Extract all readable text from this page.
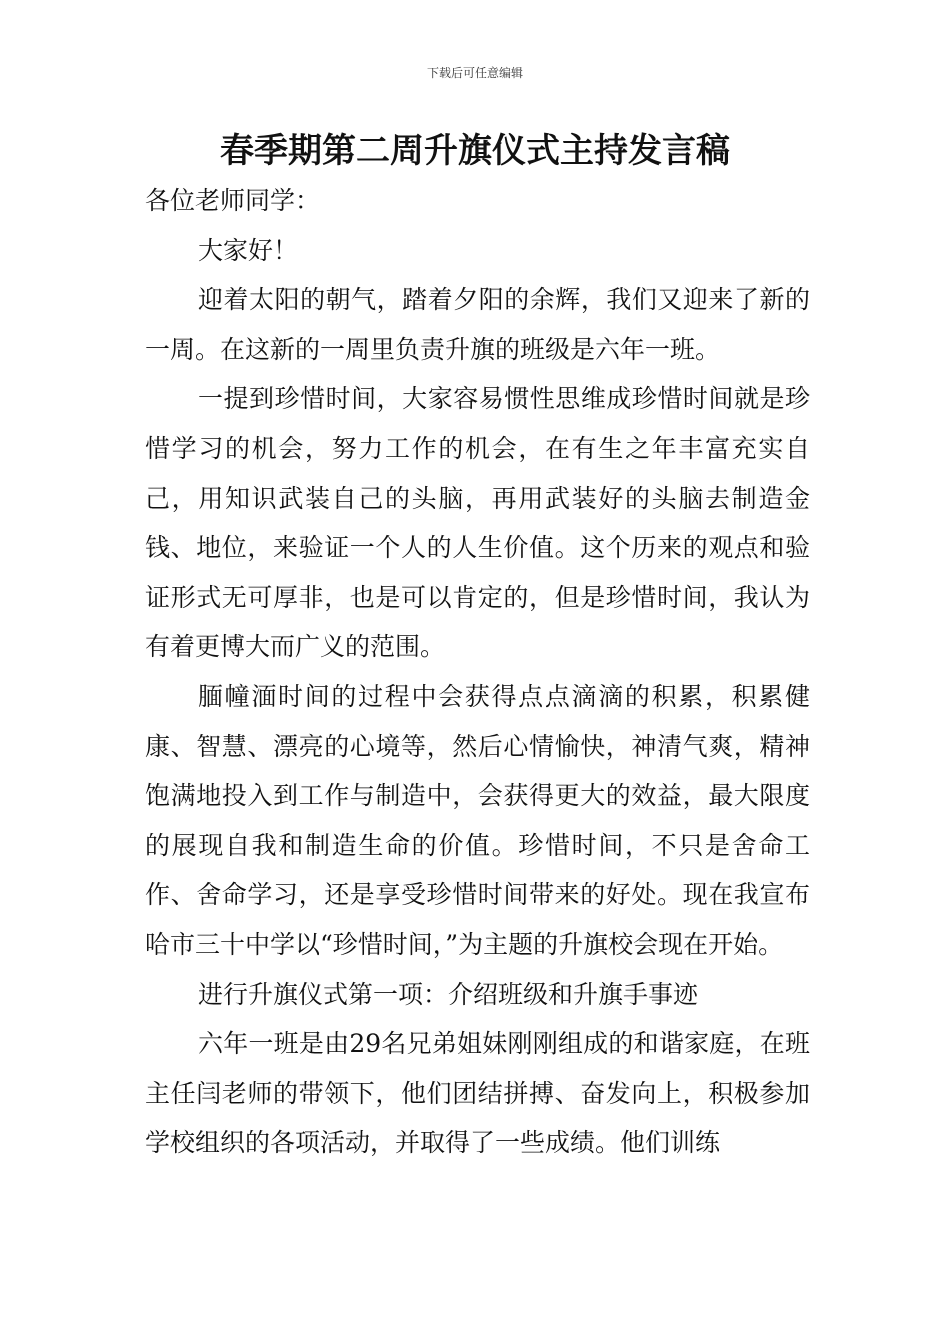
下载后可任意编辑
春季期第二周升旗仪式主持发言稿

各位老师同学：

大家好！

迎着太阳的朝气，踏着夕阳的余辉，我们又迎来了新的一周。在这新的一周里负责升旗的班级是六年一班。

一提到珍惜时间，大家容易惯性思维成珍惜时间就是珍惜学习的机会，努力工作的机会，在有生之年丰富充实自己，用知识武装自己的头脑，再用武装好的头脑去制造金钱、地位，来验证一个人的人生价值。这个历来的观点和验证形式无可厚非，也是可以肯定的，但是珍惜时间，我认为有着更博大而广义的范围。

腼幢湎时间的过程中会获得点点滴滴的积累，积累健康、智慧、漂亮的心境等，然后心情愉快，神清气爽，精神饱满地投入到工作与制造中，会获得更大的效益，最大限度的展现自我和制造生命的价值。珍惜时间，不只是舍命工作、舍命学习，还是享受珍惜时间带来的好处。现在我宣布哈市三十中学以“珍惜时间，”为主题的升旗校会现在开始。

进行升旗仪式第一项：介绍班级和升旗手事迹

六年一班是由29名兄弟姐妹刚刚组成的和谐家庭，在班主任闫老师的带领下，他们团结拼搏、奋发向上，积极参加学校组织的各项活动，并取得了一些成绩。他们训练
